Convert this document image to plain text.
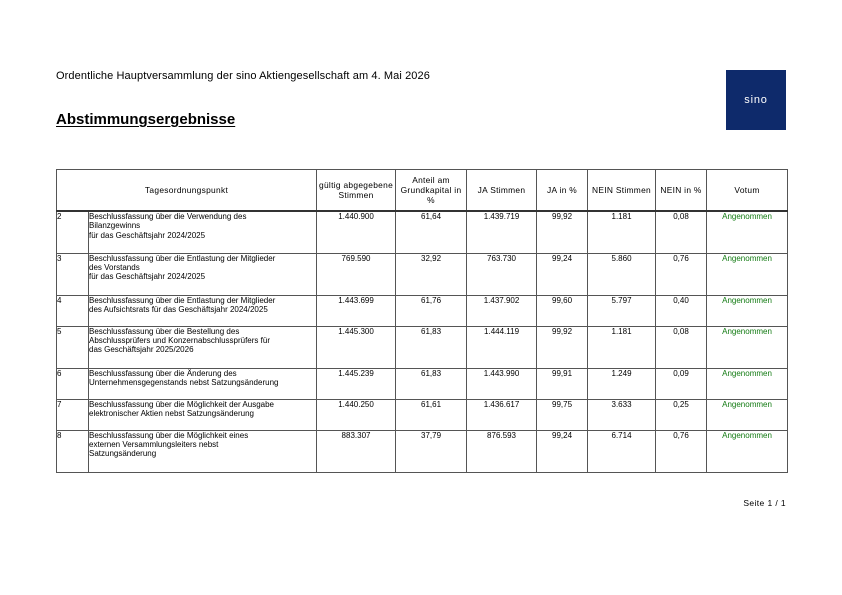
Ordentliche Hauptversammlung der sino Aktiengesellschaft am 4. Mai 2026
Abstimmungsergebnisse
sino
Tagesordnungspunkt		gültig abgegebene Stimmen	Anteil am Grundkapital in %	JA Stimmen	JA in %	NEIN Stimmen	NEIN in %	Votum
2	Beschlussfassung über die Verwendung des
Bilanzgewinns
für das Geschäftsjahr 2024/2025	1.440.900	61,64	1.439.719	99,92	1.181	0,08	Angenommen
3	Beschlussfassung über die Entlastung der Mitglieder
des Vorstands
für das Geschäftsjahr 2024/2025	769.590	32,92	763.730	99,24	5.860	0,76	Angenommen
4	Beschlussfassung über die Entlastung der Mitglieder
des Aufsichtsrats für das Geschäftsjahr 2024/2025	1.443.699	61,76	1.437.902	99,60	5.797	0,40	Angenommen
5	Beschlussfassung über die Bestellung des
Abschlussprüfers und Konzernabschlussprüfers für
das Geschäftsjahr 2025/2026	1.445.300	61,83	1.444.119	99,92	1.181	0,08	Angenommen
6	Beschlussfassung über die Änderung des
Unternehmensgegenstands nebst Satzungsänderung	1.445.239	61,83	1.443.990	99,91	1.249	0,09	Angenommen
7	Beschlussfassung über die Möglichkeit der Ausgabe
elektronischer Aktien nebst Satzungsänderung	1.440.250	61,61	1.436.617	99,75	3.633	0,25	Angenommen
8	Beschlussfassung über die Möglichkeit eines
externen Versammlungsleiters nebst
Satzungsänderung	883.307	37,79	876.593	99,24	6.714	0,76	Angenommen
Seite 1 / 1
